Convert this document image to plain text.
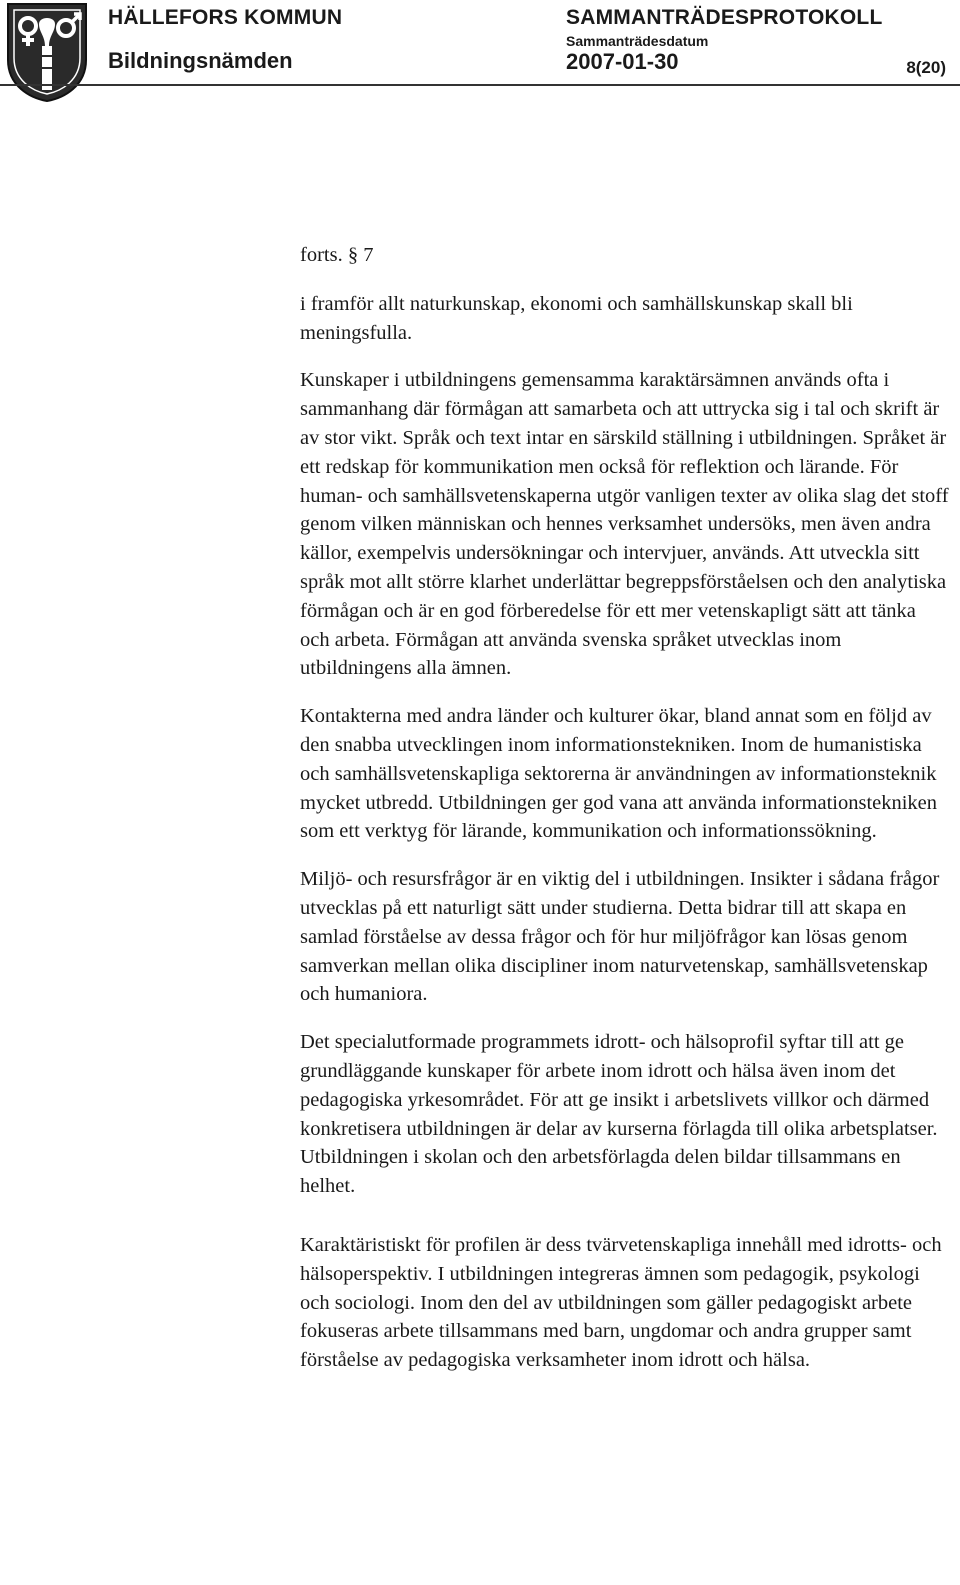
HÄLLEFORS KOMMUN
Bildningsnämden
SAMMANTRÄDESPROTOKOLL
Sammanträdesdatum
2007-01-30	8(20)

forts. § 7

i framför allt naturkunskap, ekonomi och samhällskunskap skall bli meningsfulla.

Kunskaper i utbildningens gemensamma karaktärsämnen används ofta i sammanhang där förmågan att samarbeta och att uttrycka sig i tal och skrift är av stor vikt. Språk och text intar en särskild ställning i utbildningen. Språket är ett redskap för kommunikation men också för reflektion och lärande. För human- och samhällsvetenskaperna utgör vanligen texter av olika slag det stoff genom vilken människan och hennes verksamhet undersöks, men även andra källor, exempelvis undersökningar och intervjuer, används. Att utveckla sitt språk mot allt större klarhet underlättar begreppsförståelsen och den analytiska förmågan och är en god förberedelse för ett mer vetenskapligt sätt att tänka och arbeta. Förmågan att använda svenska språket utvecklas inom utbildningens alla ämnen.

Kontakterna med andra länder och kulturer ökar, bland annat som en följd av den snabba utvecklingen inom informationstekniken. Inom de humanistiska och samhällsvetenskapliga sektorerna är användningen av informationsteknik mycket utbredd. Utbildningen ger god vana att använda informationstekniken som ett verktyg för lärande, kommunikation och informationssökning.

Miljö- och resursfrågor är en viktig del i utbildningen. Insikter i sådana frågor utvecklas på ett naturligt sätt under studierna. Detta bidrar till att skapa en samlad förståelse av dessa frågor och för hur miljöfrågor kan lösas genom samverkan mellan olika discipliner inom naturvetenskap, samhällsvetenskap och humaniora.

Det specialutformade programmets idrott- och hälsoprofil syftar till att ge grundläggande kunskaper för arbete inom idrott och hälsa även inom det pedagogiska yrkesområdet. För att ge insikt i arbetslivets villkor och därmed konkretisera utbildningen är delar av kurserna förlagda till olika arbetsplatser. Utbildningen i skolan och den arbetsförlagda delen bildar tillsammans en helhet.

Karaktäristiskt för profilen är dess tvärvetenskapliga innehåll med idrotts- och hälsoperspektiv. I utbildningen integreras ämnen som pedagogik, psykologi och sociologi. Inom den del av utbildningen som gäller pedagogiskt arbete fokuseras arbete tillsammans med barn, ungdomar och andra grupper samt förståelse av pedagogiska verksamheter inom idrott och hälsa.
